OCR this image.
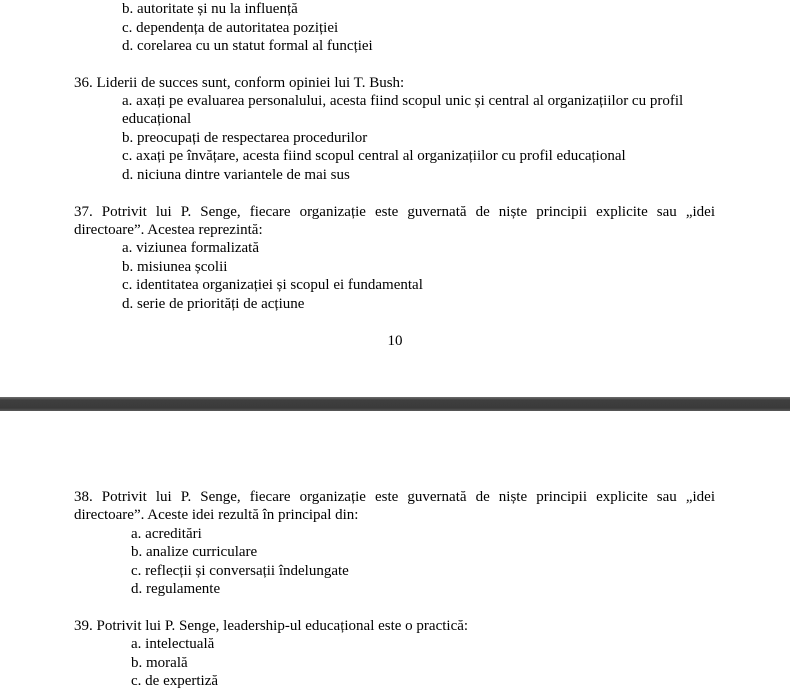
b. autoritate și nu la influență
c. dependența de autoritatea poziției
d. corelarea cu un statut formal al funcției
36. Liderii de succes sunt, conform opiniei lui T. Bush:
a. axați pe evaluarea personalului, acesta fiind scopul unic și central al organizațiilor cu profil
educațional
b. preocupați de respectarea procedurilor
c. axați pe învățare, acesta fiind scopul central al organizațiilor cu profil educațional
d. niciuna dintre variantele de mai sus
37. Potrivit lui P. Senge, fiecare organizație este guvernată de niște principii explicite sau „idei
directoare”. Acestea reprezintă:
a. viziunea formalizată
b. misiunea școlii
c. identitatea organizației și scopul ei fundamental
d. serie de priorități de acțiune
10
38. Potrivit lui P. Senge, fiecare organizație este guvernată de niște principii explicite sau „idei
directoare”. Aceste idei rezultă în principal din:
a. acreditări
b. analize curriculare
c. reflecții și conversații îndelungate
d. regulamente
39. Potrivit lui P. Senge, leadership-ul educațional este o practică:
a. intelectuală
b. morală
c. de expertiză
